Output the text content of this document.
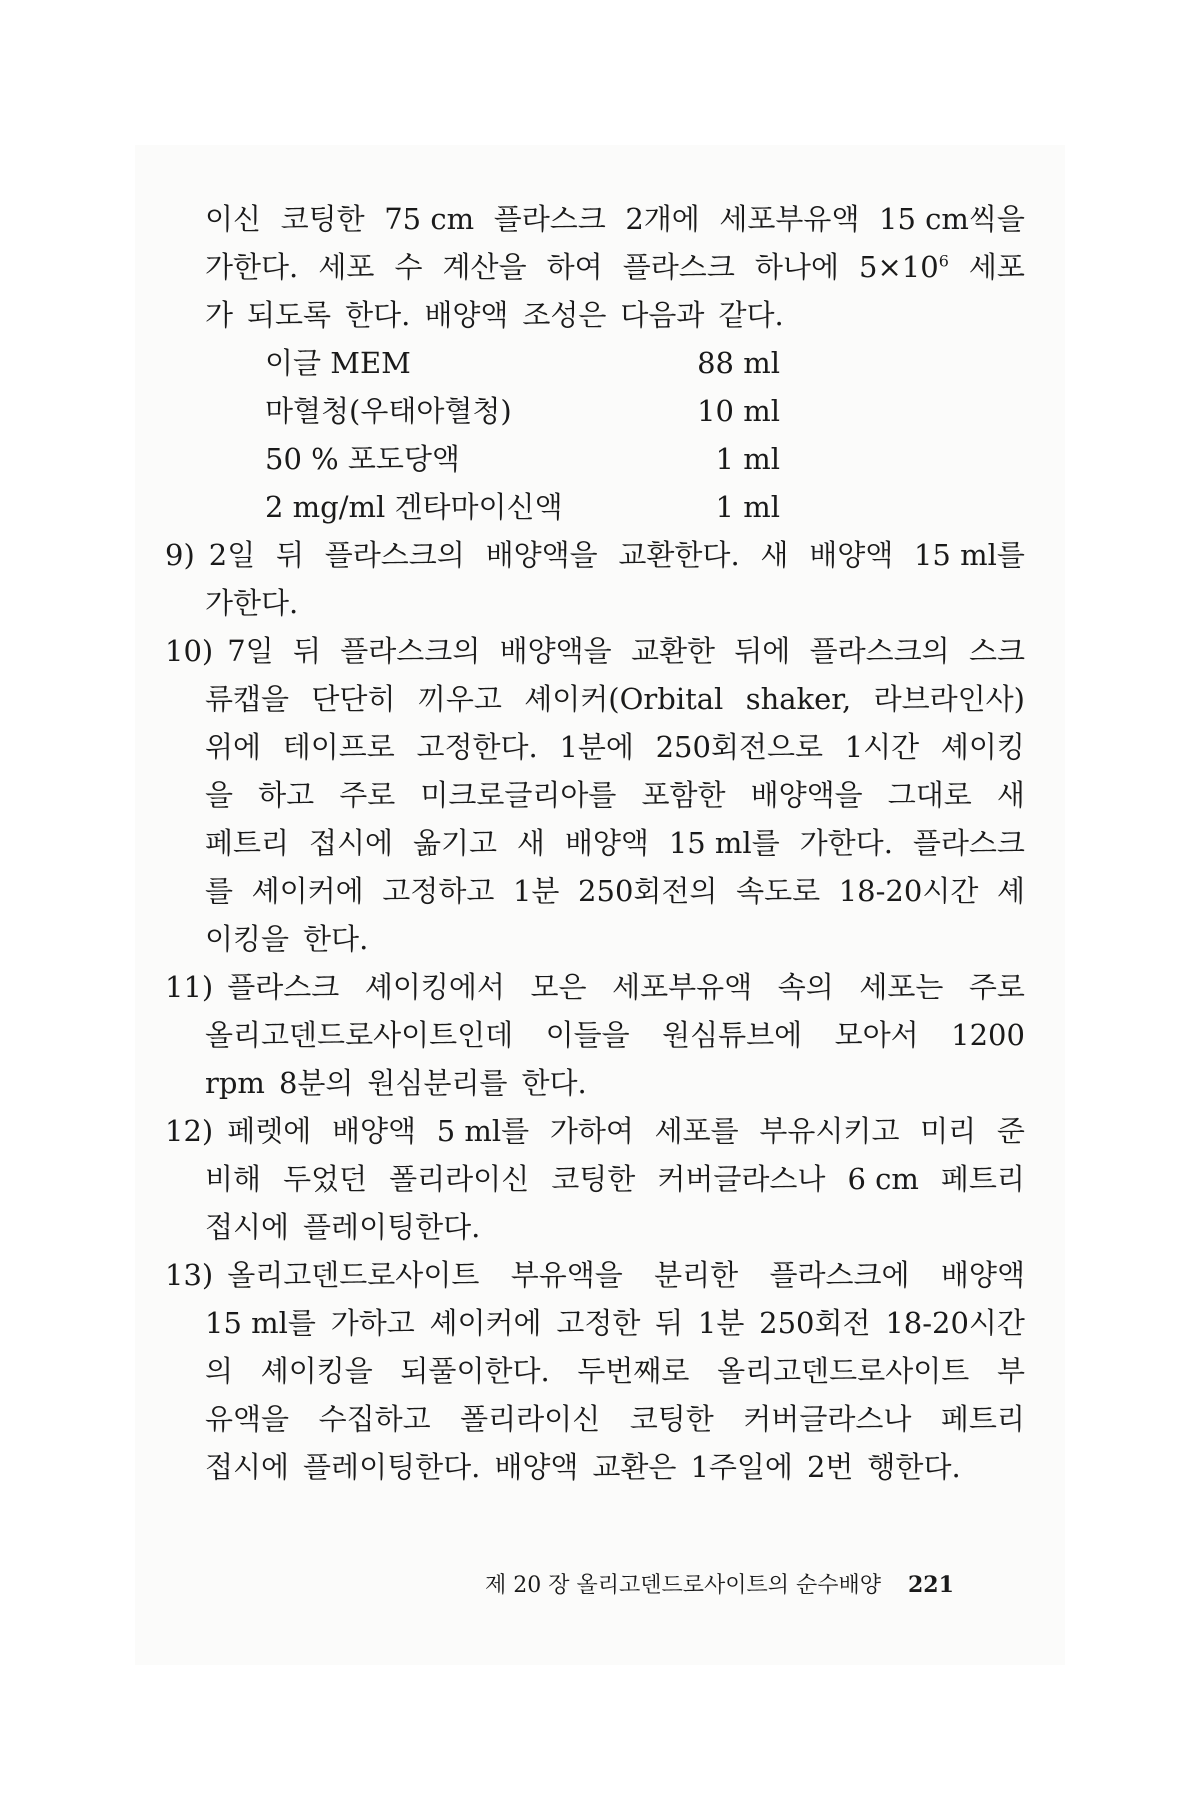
이신 코팅한 75 cm 플라스크 2개에 세포부유액 15 cm씩을
가한다. 세포 수 계산을 하여 플라스크 하나에 $5\times 10^6$ 세포
가 되도록 한다. 배양액 조성은 다음과 같다.
이글 MEM	88 ml
마혈청(우태아혈청)	10 ml
50 % 포도당액	1 ml
2 mg/ml 겐타마이신액	1 ml
9) 2일 뒤 플라스크의 배양액을 교환한다. 새 배양액 15 ml를
가한다.
10) 7일 뒤 플라스크의 배양액을 교환한 뒤에 플라스크의 스크
류캡을 단단히 끼우고 셰이커(Orbital shaker, 라브라인사)
위에 테이프로 고정한다. 1분에 250회전으로 1시간 셰이킹
을 하고 주로 미크로글리아를 포함한 배양액을 그대로 새
페트리 접시에 옮기고 새 배양액 15 ml를 가한다. 플라스크
를 셰이커에 고정하고 1분 250회전의 속도로 18-20시간 셰
이킹을 한다.
11) 플라스크 셰이킹에서 모은 세포부유액 속의 세포는 주로
올리고덴드로사이트인데 이들을 원심튜브에 모아서 1200
rpm 8분의 원심분리를 한다.
12) 페렛에 배양액 5 ml를 가하여 세포를 부유시키고 미리 준
비해 두었던 폴리라이신 코팅한 커버글라스나 6 cm 페트리
접시에 플레이팅한다.
13) 올리고덴드로사이트 부유액을 분리한 플라스크에 배양액
15 ml를 가하고 셰이커에 고정한 뒤 1분 250회전 18-20시간
의 셰이킹을 되풀이한다. 두번째로 올리고덴드로사이트 부
유액을 수집하고 폴리라이신 코팅한 커버글라스나 페트리
접시에 플레이팅한다. 배양액 교환은 1주일에 2번 행한다.
제 20 장 올리고덴드로사이트의 순수배양 221
